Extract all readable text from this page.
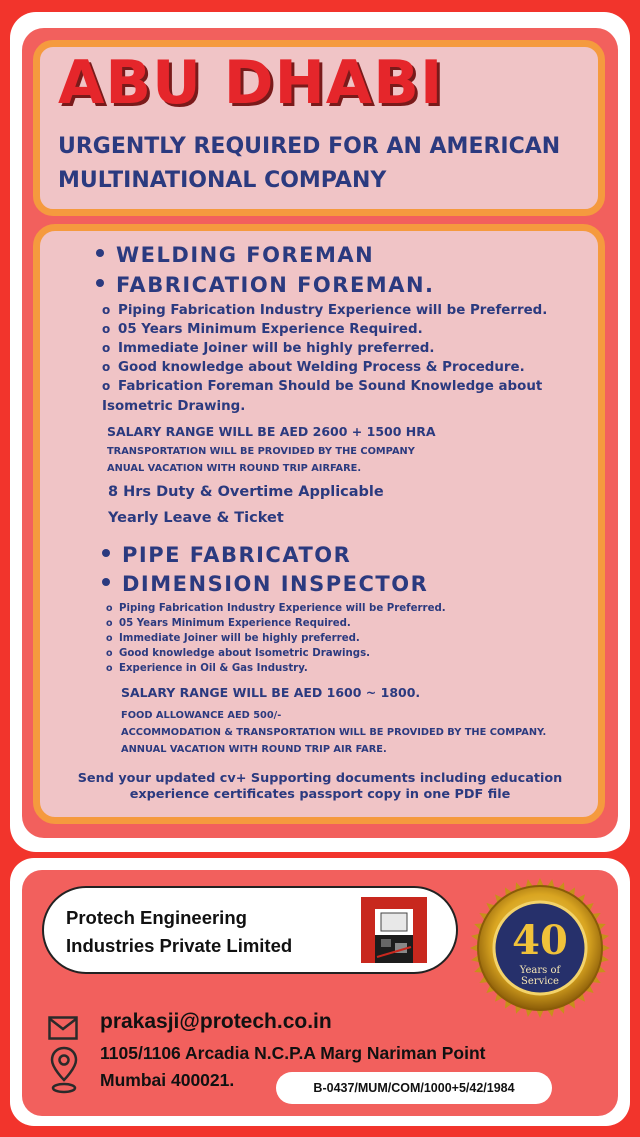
ABU DHABI
URGENTLY REQUIRED FOR AN AMERICAN MULTINATIONAL COMPANY
WELDING FOREMAN
FABRICATION FOREMAN.
o Piping Fabrication Industry Experience will be Preferred.
o 05 Years Minimum Experience Required.
o Immediate Joiner will be highly preferred.
o Good knowledge about Welding Process & Procedure.
o Fabrication Foreman Should be Sound Knowledge about
Isometric Drawing.
SALARY RANGE WILL BE AED 2600 + 1500 HRA
TRANSPORTATION WILL BE PROVIDED BY THE COMPANY
ANUAL VACATION WITH ROUND TRIP AIRFARE.
8 Hrs Duty & Overtime Applicable
Yearly Leave & Ticket
PIPE FABRICATOR
DIMENSION INSPECTOR
o Piping Fabrication Industry Experience will be Preferred.
o 05 Years Minimum Experience Required.
o Immediate Joiner will be highly preferred.
o Good knowledge about Isometric Drawings.
o Experience in Oil & Gas Industry.
SALARY RANGE WILL BE AED 1600 ~ 1800.
FOOD ALLOWANCE AED 500/-
ACCOMMODATION & TRANSPORTATION WILL BE PROVIDED BY THE COMPANY.
ANNUAL VACATION WITH ROUND TRIP AIR FARE.
Send your updated cv+ Supporting documents including education
experience certificates passport copy in one PDF file
Protech Engineering
Industries Private Limited	40
Years of
Service
prakasji@protech.co.in
1105/1106 Arcadia N.C.P.A Marg Nariman Point
Mumbai 400021.	B-0437/MUM/COM/1000+5/42/1984
